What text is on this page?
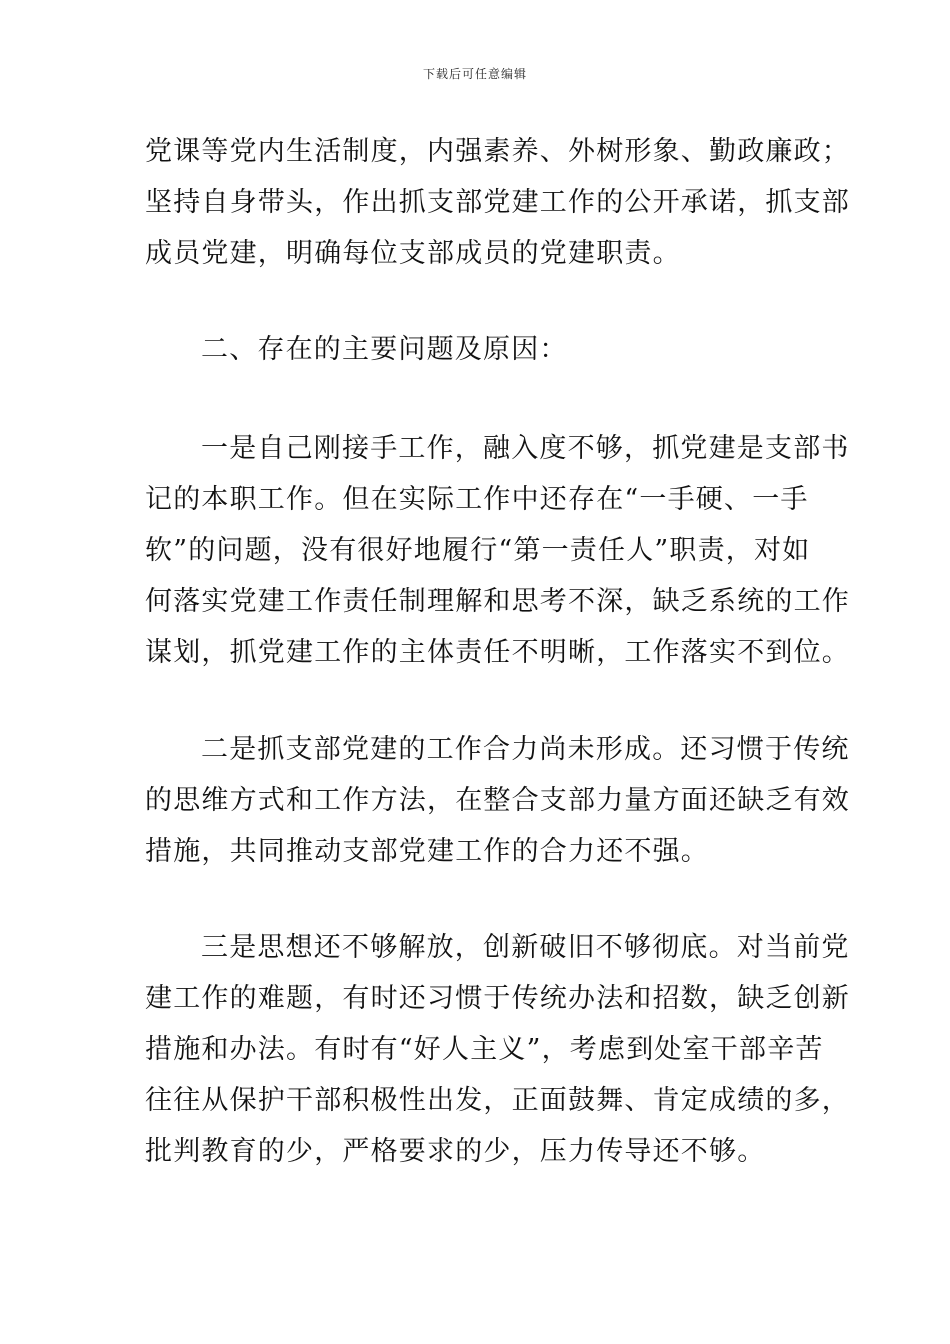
下载后可任意编辑
党课等党内生活制度，内强素养、外树形象、勤政廉政；
坚持自身带头，作出抓支部党建工作的公开承诺，抓支部
成员党建，明确每位支部成员的党建职责。
二、存在的主要问题及原因：
一是自己刚接手工作，融入度不够，抓党建是支部书
记的本职工作。但在实际工作中还存在“一手硬、一手
软”的问题，没有很好地履行“第一责任人”职责，对如
何落实党建工作责任制理解和思考不深，缺乏系统的工作
谋划，抓党建工作的主体责任不明晰，工作落实不到位。
二是抓支部党建的工作合力尚未形成。还习惯于传统
的思维方式和工作方法，在整合支部力量方面还缺乏有效
措施，共同推动支部党建工作的合力还不强。
三是思想还不够解放，创新破旧不够彻底。对当前党
建工作的难题，有时还习惯于传统办法和招数，缺乏创新
措施和办法。有时有“好人主义”，考虑到处室干部辛苦
往往从保护干部积极性出发，正面鼓舞、肯定成绩的多，
批判教育的少，严格要求的少，压力传导还不够。
